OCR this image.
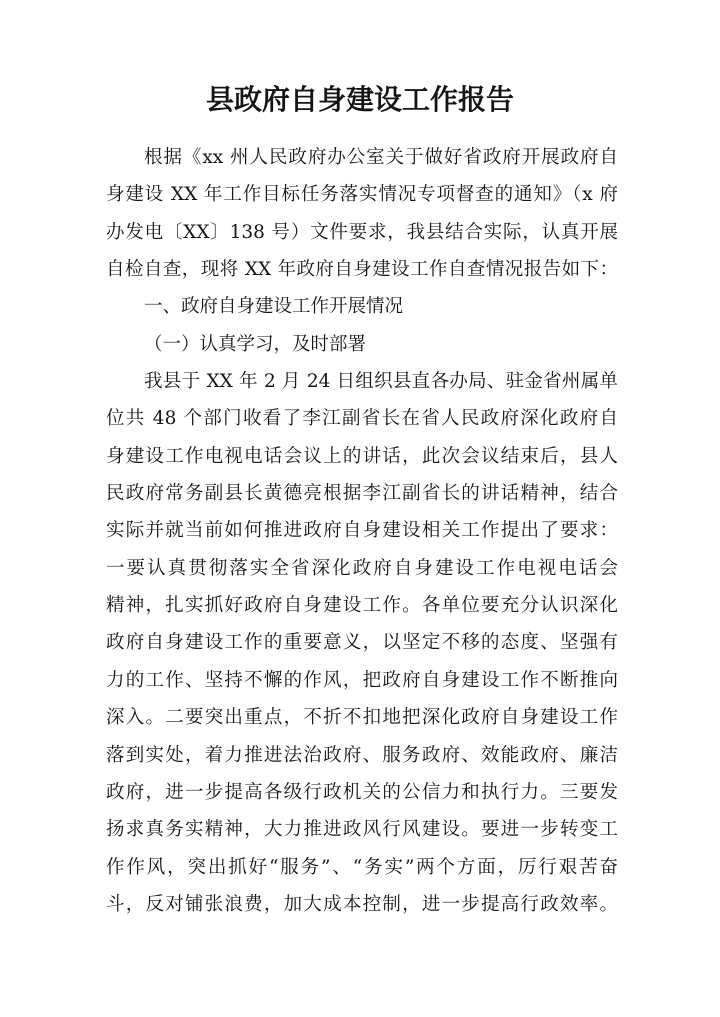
县政府自身建设工作报告
根据《xx 州人民政府办公室关于做好省政府开展政府自
身建设 XX 年工作目标任务落实情况专项督查的通知》（x 府
办发电〔XX〕138 号）文件要求，我县结合实际，认真开展
自检自查，现将 XX 年政府自身建设工作自查情况报告如下：
一、政府自身建设工作开展情况
（一）认真学习，及时部署
我县于 XX 年 2 月 24 日组织县直各办局、驻金省州属单
位共 48 个部门收看了李江副省长在省人民政府深化政府自
身建设工作电视电话会议上的讲话，此次会议结束后，县人
民政府常务副县长黄德亮根据李江副省长的讲话精神，结合
实际并就当前如何推进政府自身建设相关工作提出了要求：
一要认真贯彻落实全省深化政府自身建设工作电视电话会
精神，扎实抓好政府自身建设工作。各单位要充分认识深化
政府自身建设工作的重要意义，以坚定不移的态度、坚强有
力的工作、坚持不懈的作风，把政府自身建设工作不断推向
深入。二要突出重点，不折不扣地把深化政府自身建设工作
落到实处，着力推进法治政府、服务政府、效能政府、廉洁
政府，进一步提高各级行政机关的公信力和执行力。三要发
扬求真务实精神，大力推进政风行风建设。要进一步转变工
作作风，突出抓好“服务”、“务实”两个方面，厉行艰苦奋
斗，反对铺张浪费，加大成本控制，进一步提高行政效率。
